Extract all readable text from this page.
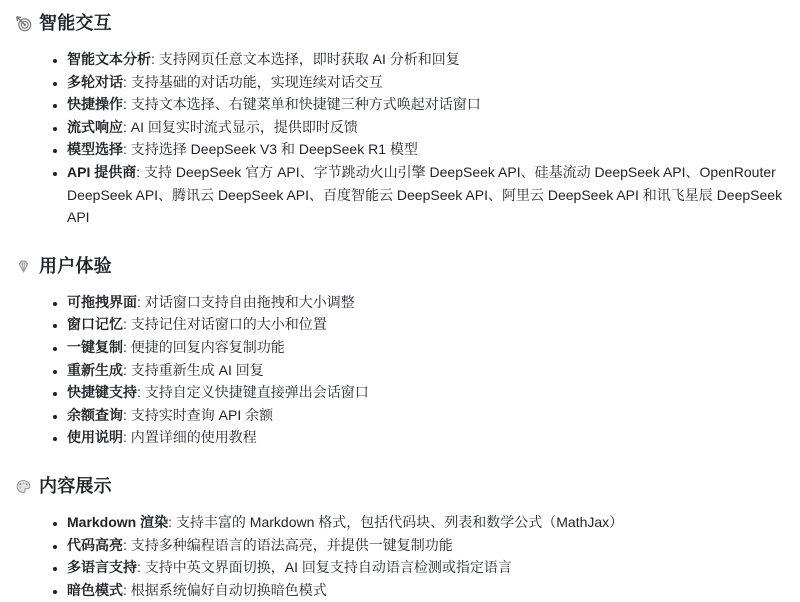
智能交互
• 智能文本分析: 支持网页任意文本选择，即时获取 AI 分析和回复
• 多轮对话: 支持基础的对话功能，实现连续对话交互
• 快捷操作: 支持文本选择、右键菜单和快捷键三种方式唤起对话窗口
• 流式响应: AI 回复实时流式显示，提供即时反馈
• 模型选择: 支持选择 DeepSeek V3 和 DeepSeek R1 模型
• API 提供商: 支持 DeepSeek 官方 API、字节跳动火山引擎 DeepSeek API、硅基流动 DeepSeek API、OpenRouter DeepSeek API、腾讯云 DeepSeek API、百度智能云 DeepSeek API、阿里云 DeepSeek API 和讯飞星辰 DeepSeek API
用户体验
• 可拖拽界面: 对话窗口支持自由拖拽和大小调整
• 窗口记忆: 支持记住对话窗口的大小和位置
• 一键复制: 便捷的回复内容复制功能
• 重新生成: 支持重新生成 AI 回复
• 快捷键支持: 支持自定义快捷键直接弹出会话窗口
• 余额查询: 支持实时查询 API 余额
• 使用说明: 内置详细的使用教程
内容展示
• Markdown 渲染: 支持丰富的 Markdown 格式，包括代码块、列表和数学公式（MathJax）
• 代码高亮: 支持多种编程语言的语法高亮，并提供一键复制功能
• 多语言支持: 支持中英文界面切换，AI 回复支持自动语言检测或指定语言
• 暗色模式: 根据系统偏好自动切换暗色模式
